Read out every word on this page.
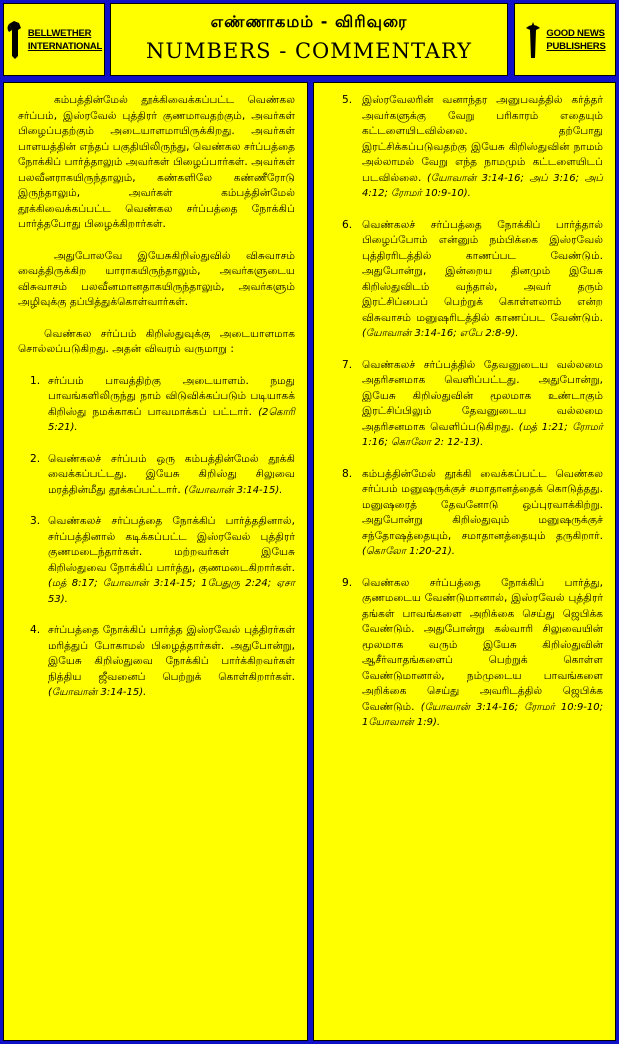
BELLWETHER
INTERNATIONAL
எண்ணாகமம் - விரிவுரை
NUMBERS - COMMENTARY
GOOD NEWS
PUBLISHERS

கம்பத்தின்மேல் தூக்கிவைக்கப்பட்ட வெண்கல சர்ப்பம், இஸ்ரவேல் புத்திரர் குணமாவதற்கும், அவர்கள் பிழைப்பதற்கும் அடையாளமாயிருக்கிறது. அவர்கள் பாளயத்தின் எந்தப் பகுதியிலிருந்து, வெண்கல சர்ப்பத்தை நோக்கிப் பார்த்தாலும் அவர்கள் பிழைப்பார்கள். அவர்கள் பலவீனராகயிருந்தாலும், கண்களிலே கண்ணீரோடு இருந்தாலும், அவர்கள் கம்பத்தின்மேல் தூக்கிவைக்கப்பட்ட வெண்கல சர்ப்பத்தை நோக்கிப் பார்த்தபோது பிழைக்கிறார்கள்.

அதுபோலவே இயேசுகிறிஸ்துவில் விசுவாசம் வைத்திருக்கிற யாராகயிருந்தாலும், அவர்களுடைய விசுவாசம் பலவீனமானதாகயிருந்தாலும், அவர்களும் அழிவுக்கு தப்பித்துக்கொள்வார்கள்.

வெண்கல சர்ப்பம் கிறிஸ்துவுக்கு அடையாளமாக சொல்லப்படுகிறது. அதன் விவரம் வருமாறு :

1. சர்ப்பம் பாவத்திற்கு அடையாளம். நமது பாவங்களிலிருந்து நாம் விடுவிக்கப்படும் படியாகக் கிறிஸ்து நமக்காகப் பாவமாக்கப் பட்டார். (2கொரி 5:21).
2. வெண்கலச் சர்ப்பம் ஒரு கம்பத்தின்மேல் தூக்கி வைக்கப்பட்டது. இயேசு கிறிஸ்து சிலுவை மரத்தின்மீது தூக்கப்பட்டார். (யோவான் 3:14-15).
3. வெண்கலச் சர்ப்பத்தை நோக்கிப் பார்த்ததினால், சர்ப்பத்தினால் கடிக்கப்பட்ட இஸ்ரவேல் புத்திரர் குணமடைந்தார்கள். மற்றவர்கள் இயேசு கிறிஸ்துவை நோக்கிப் பார்த்து, குணமடைகிறார்கள். (மத் 8:17; யோவான் 3:14-15; 1பேதுரு 2:24; ஏசா 53).
4. சர்ப்பத்தை நோக்கிப் பார்த்த இஸ்ரவேல் புத்திரர்கள் மரித்துப் போகாமல் பிழைத்தார்கள். அதுபோன்று, இயேசு கிறிஸ்துவை நோக்கிப் பார்க்கிறவர்கள் நித்திய ஜீவனைப் பெற்றுக் கொள்கிறார்கள். (யோவான் 3:14-15).
5. இஸ்ரவேலரின் வனாந்தர அனுபவத்தில் கர்த்தர் அவர்களுக்கு வேறு பரிகாரம் எதையும் கட்டளையிடவில்லை. தற்போது இரட்சிக்கப்படுவதற்கு இயேசு கிறிஸ்துவின் நாமம் அல்லாமல் வேறு எந்த நாமமும் கட்டளையிடப் படவில்லை. (யோவான் 3:14-16; அப் 3:16; அப் 4:12; ரோமர் 10:9-10).
6. வெண்கலச் சர்ப்பத்தை நோக்கிப் பார்த்தால் பிழைப்போம் என்னும் நம்பிக்கை இஸ்ரவேல் புத்திரரிடத்தில் காணப்பட வேண்டும். அதுபோன்று, இன்றைய தினமும் இயேசு கிறிஸ்துவிடம் வந்தால், அவர் தரும் இரட்சிப்பைப் பெற்றுக் கொள்ளலாம் என்ற விசுவாசம் மனுஷரிடத்தில் காணப்பட வேண்டும். (யோவான் 3:14-16; எபே 2:8-9).
7. வெண்கலச் சர்ப்பத்தில் தேவனுடைய வல்லமை அதரிசனமாக வெளிப்பட்டது. அதுபோன்று, இயேசு கிறிஸ்துவின் மூலமாக உண்டாகும் இரட்சிப்பிலும் தேவனுடைய வல்லமை அதரிசனமாக வெளிப்படுகிறது. (மத் 1:21; ரோமர் 1:16; கொலோ 2: 12-13).
8. கம்பத்தின்மேல் தூக்கி வைக்கப்பட்ட வெண்கல சர்ப்பம் மனுஷருக்குச் சமாதானத்தைக் கொடுத்தது. மனுஷரைத் தேவனோடு ஒப்புரவாக்கிற்று. அதுபோன்று கிறிஸ்துவும் மனுஷருக்குச் சந்தோஷத்தையும், சமாதானத்தையும் தருகிறார். (கொலோ 1:20-21).
9. வெண்கல சர்ப்பத்தை நோக்கிப் பார்த்து, குணமடைய வேண்டுமானால், இஸ்ரவேல் புத்திரர் தங்கள் பாவங்களை அறிக்கை செய்து ஜெபிக்க வேண்டும். அதுபோன்று கல்வாரி சிலுவையின் மூலமாக வரும் இயேசு கிறிஸ்துவின் ஆசீர்வாதங்களைப் பெற்றுக் கொள்ள வேண்டுமானால், நம்முடைய பாவங்களை அறிக்கை செய்து அவரிடத்தில் ஜெபிக்க வேண்டும். (யோவான் 3:14-16; ரோமர் 10:9-10; 1யோவான் 1:9).
